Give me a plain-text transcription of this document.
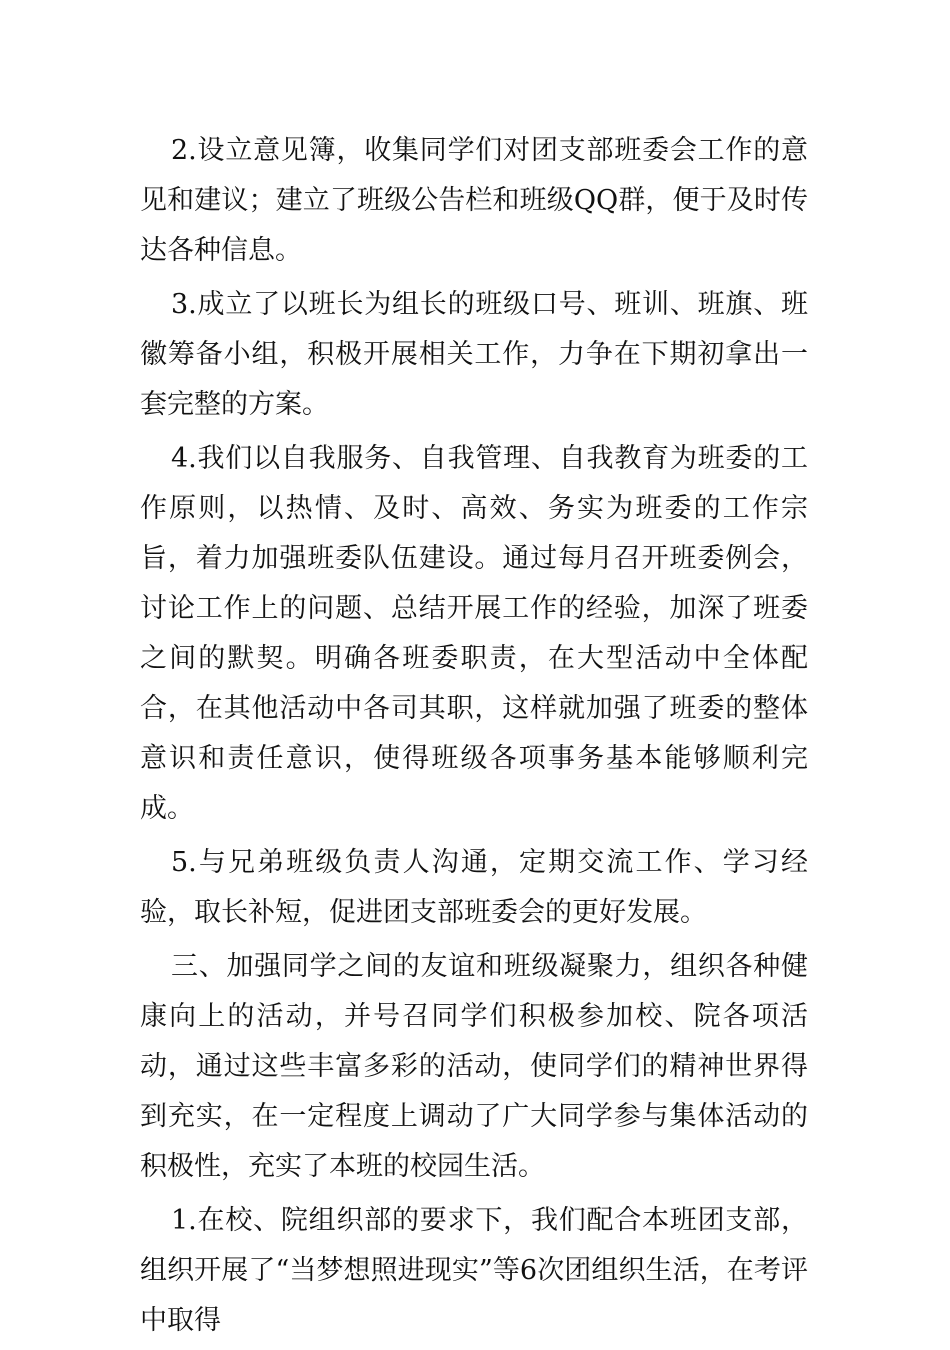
2.设立意见簿，收集同学们对团支部班委会工作的意见和建议；建立了班级公告栏和班级QQ群，便于及时传达各种信息。

3.成立了以班长为组长的班级口号、班训、班旗、班徽筹备小组，积极开展相关工作，力争在下期初拿出一套完整的方案。

4.我们以自我服务、自我管理、自我教育为班委的工作原则，以热情、及时、高效、务实为班委的工作宗旨，着力加强班委队伍建设。通过每月召开班委例会，讨论工作上的问题、总结开展工作的经验，加深了班委之间的默契。明确各班委职责，在大型活动中全体配合，在其他活动中各司其职，这样就加强了班委的整体意识和责任意识，使得班级各项事务基本能够顺利完成。

5.与兄弟班级负责人沟通，定期交流工作、学习经验，取长补短，促进团支部班委会的更好发展。

三、加强同学之间的友谊和班级凝聚力，组织各种健康向上的活动，并号召同学们积极参加校、院各项活动，通过这些丰富多彩的活动，使同学们的精神世界得到充实，在一定程度上调动了广大同学参与集体活动的积极性，充实了本班的校园生活。

1.在校、院组织部的要求下，我们配合本班团支部，组织开展了“当梦想照进现实”等6次团组织生活，在考评中取得
